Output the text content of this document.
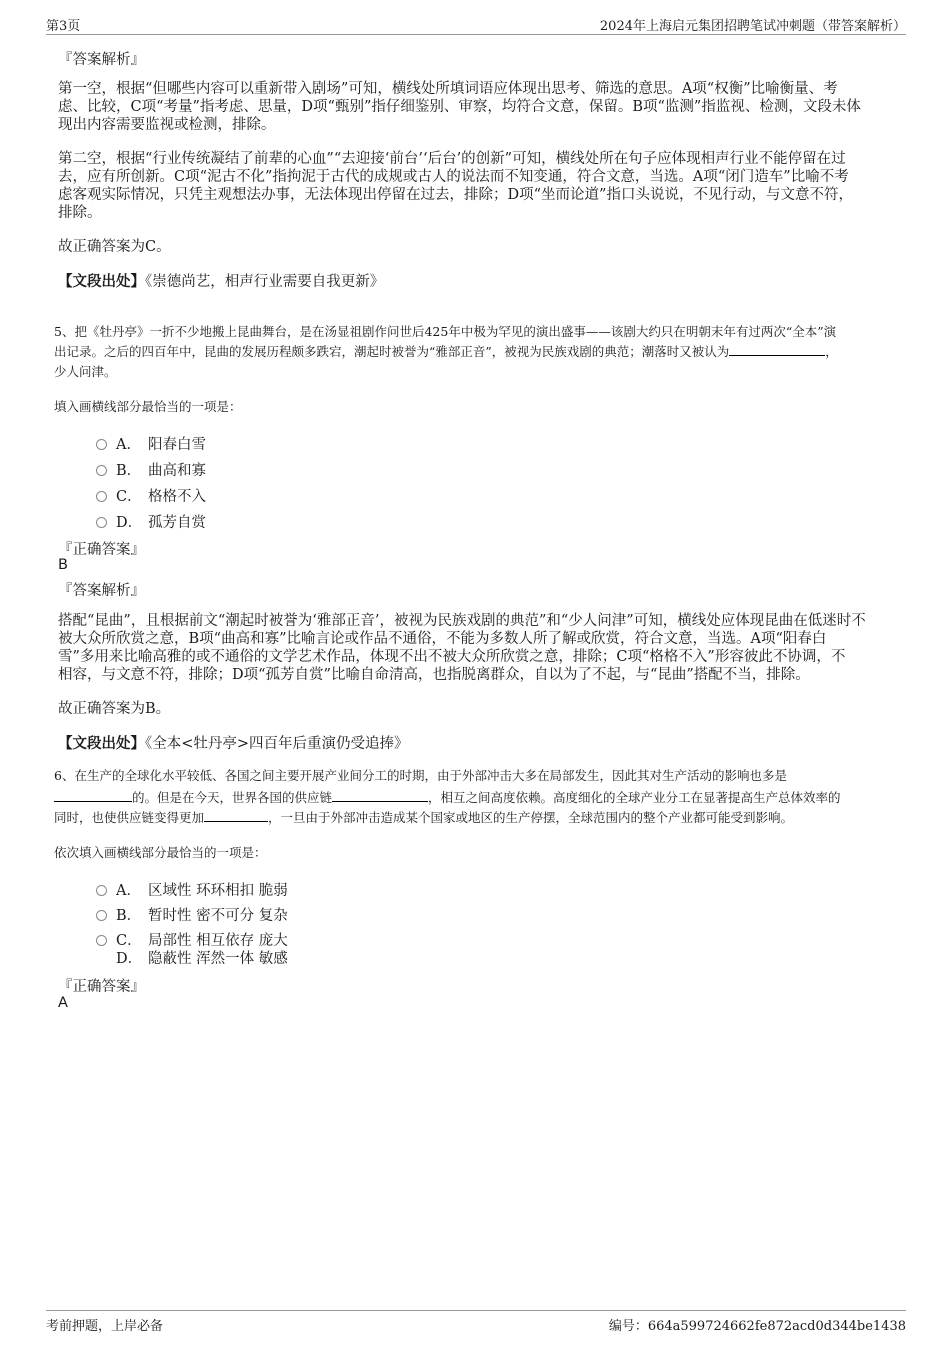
第3页	2024年上海启元集团招聘笔试冲刺题（带答案解析）
『答案解析』
第一空，根据“但哪些内容可以重新带入剧场”可知，横线处所填词语应体现出思考、筛选的意思。A项“权衡”比喻衡量、考
虑、比较，C项“考量”指考虑、思量，D项“甄别”指仔细鉴别、审察，均符合文意，保留。B项“监测”指监视、检测，文段未体
现出内容需要监视或检测，排除。
第二空，根据“行业传统凝结了前辈的心血”“去迎接‘前台’‘后台’的创新”可知，横线处所在句子应体现相声行业不能停留在过
去，应有所创新。C项“泥古不化”指拘泥于古代的成规或古人的说法而不知变通，符合文意，当选。A项“闭门造车”比喻不考
虑客观实际情况，只凭主观想法办事，无法体现出停留在过去，排除；D项“坐而论道”指口头说说，不见行动，与文意不符，
排除。
故正确答案为C。
【文段出处】《崇德尚艺，相声行业需要自我更新》
5、把《牡丹亭》一折不少地搬上昆曲舞台，是在汤显祖剧作问世后425年中极为罕见的演出盛事——该剧大约只在明朝末年有过两次“全本”演
出记录。之后的四百年中，昆曲的发展历程颇多跌宕，潮起时被誉为“雅部正音”，被视为民族戏剧的典范；潮落时又被认为	，
少人问津。
填入画横线部分最恰当的一项是：
A． 阳春白雪
B． 曲高和寡
C． 格格不入
D． 孤芳自赏
『正确答案』
B
『答案解析』
搭配“昆曲”，且根据前文“潮起时被誉为‘雅部正音’，被视为民族戏剧的典范”和“少人问津”可知，横线处应体现昆曲在低迷时不
被大众所欣赏之意，B项“曲高和寡”比喻言论或作品不通俗，不能为多数人所了解或欣赏，符合文意，当选。A项“阳春白
雪”多用来比喻高雅的或不通俗的文学艺术作品，体现不出不被大众所欣赏之意，排除；C项“格格不入”形容彼此不协调，不
相容，与文意不符，排除；D项“孤芳自赏”比喻自命清高，也指脱离群众，自以为了不起，与“昆曲”搭配不当，排除。
故正确答案为B。
【文段出处】《全本<牡丹亭>四百年后重演仍受追捧》
6、在生产的全球化水平较低、各国之间主要开展产业间分工的时期，由于外部冲击大多在局部发生，因此其对生产活动的影响也多是
的。但是在今天，世界各国的供应链	，相互之间高度依赖。高度细化的全球产业分工在显著提高生产总体效率的
同时，也使供应链变得更加	，一旦由于外部冲击造成某个国家或地区的生产停摆，全球范围内的整个产业都可能受到影响。
依次填入画横线部分最恰当的一项是：
A． 区域性 环环相扣 脆弱
B． 暂时性 密不可分 复杂
C． 局部性 相互依存 庞大
D． 隐蔽性 浑然一体 敏感
『正确答案』
A
考前押题，上岸必备	编号：664a599724662fe872acd0d344be1438
